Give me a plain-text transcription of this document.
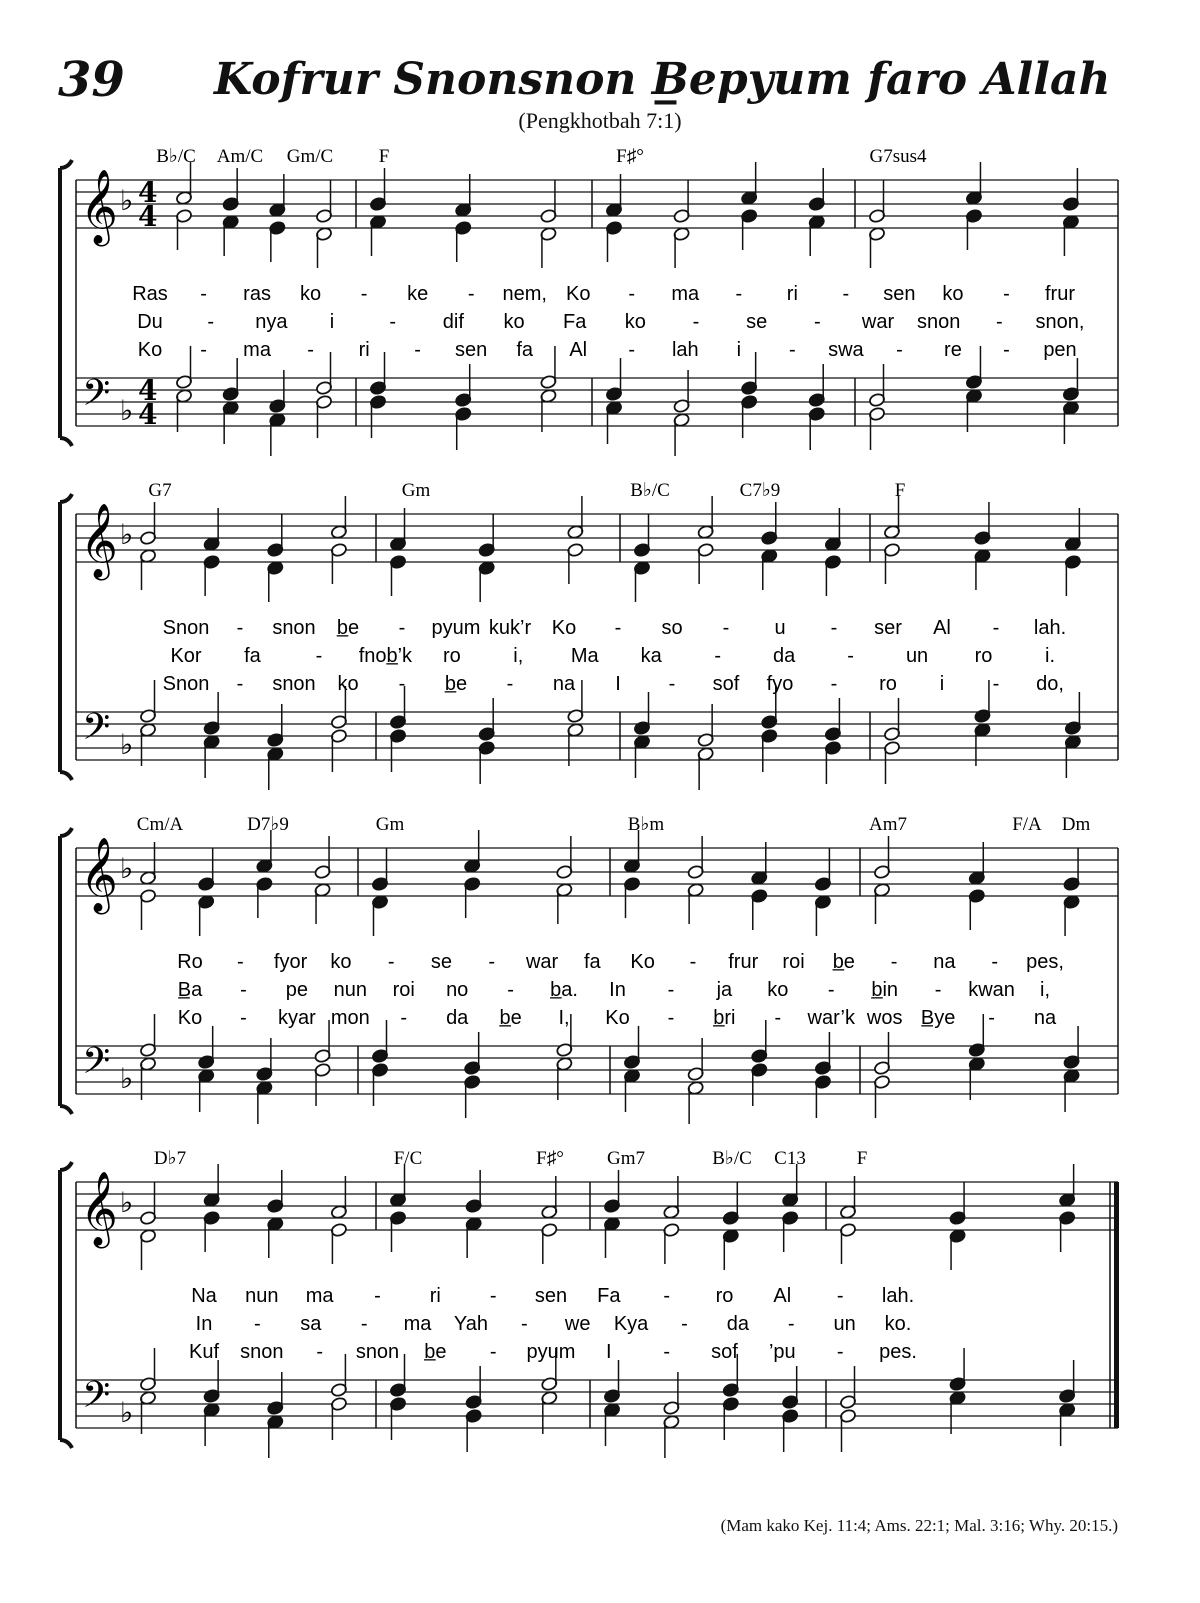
39 Kofrur Snonsnon B̲epyum faro Allah
(Pengkhotbah 7:1)
𝄞
𝄢
♭
♭
4
4
4
4
B♭/C Am/C Gm/C F	F♯°	G7sus4
Ras - ras ko - ke - nem, Ko - ma - ri - sen ko - frur
Du - nya i	- dif ko Fa ko - se - war snon - snon,
Ko - ma - ri - sen fa Al - lah i - swa - re - pen
𝄞
𝄢
♭
♭
G7	Gm	B♭/C	C7♭9	F
Snon - snon b̲e - pyum kuk’r Ko - so - u - ser Al - lah.
Kor fa	- fnob̲’k ro	i, Ma ka	-	da	-	un ro	i.
Snon - snon ko - b̲e - na I - sof fyo - ro i - do,
𝄞
𝄢
♭
♭
Cm/A	D7♭9	Gm	B♭m	Am7	F/A Dm
Ro - fyor ko - se - war fa Ko - frur roi b̲e - na - pes,
B̲a - pe nun roi no - b̲a. In - ja ko - b̲in - kwan i,
Ko - kyar mon - da b̲e I, Ko - b̲ri - war’k wos B̲ye - na
𝄞
𝄢
♭
♭
D♭7	F/C	F♯° Gm7	B♭/C C13	F
Na nun ma - ri - sen Fa - ro Al - lah.
In - sa - ma Yah - we Kya - da - un ko.
Kuf snon - snon b̲e - pyum I	- sof ’pu - pes.
(Mam kako Kej. 11:4; Ams. 22:1; Mal. 3:16; Why. 20:15.)
